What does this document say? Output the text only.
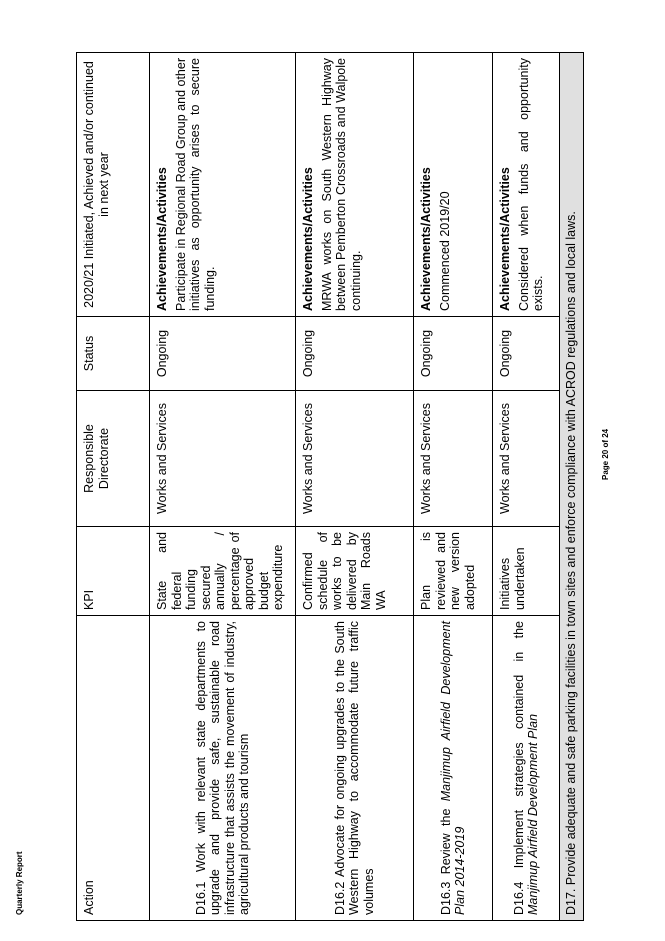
Action	KPI	Responsible Directorate	Status	2020/21 Initiated, Achieved and/or continued in next year
D16.1 Work with relevant state departments to upgrade and provide safe, sustainable road infrastructure that assists the movement of industry, agricultural products and tourism	State and federal funding secured annually / percentage of approved budget expenditure	Works and Services	Ongoing	Achievements/Activities Participate in Regional Road Group and other initiatives as opportunity arises to secure funding.

D16.2 Advocate for ongoing upgrades to the South Western Highway to accommodate future traffic volumes	Confirmed schedule of works to be delivered by Main Roads WA	Works and Services	Ongoing	Achievements/Activities MRWA works on South Western Highway between Pemberton Crossroads and Walpole continuing.

D16.3 Review the Manjimup Airfield Development Plan 2014-2019	Plan is reviewed and new version adopted	Works and Services	Ongoing	Achievements/Activities Commenced 2019/20

D16.4 Implement strategies contained in the Manjimup Airfield Development Plan	Initiatives undertaken	Works and Services	Ongoing	Achievements/Activities Considered when funds and opportunity exists.

D17. Provide adequate and safe parking facilities in town sites and enforce compliance with ACROD regulations and local laws.				
Quarterly Report
Page 20 of 24
